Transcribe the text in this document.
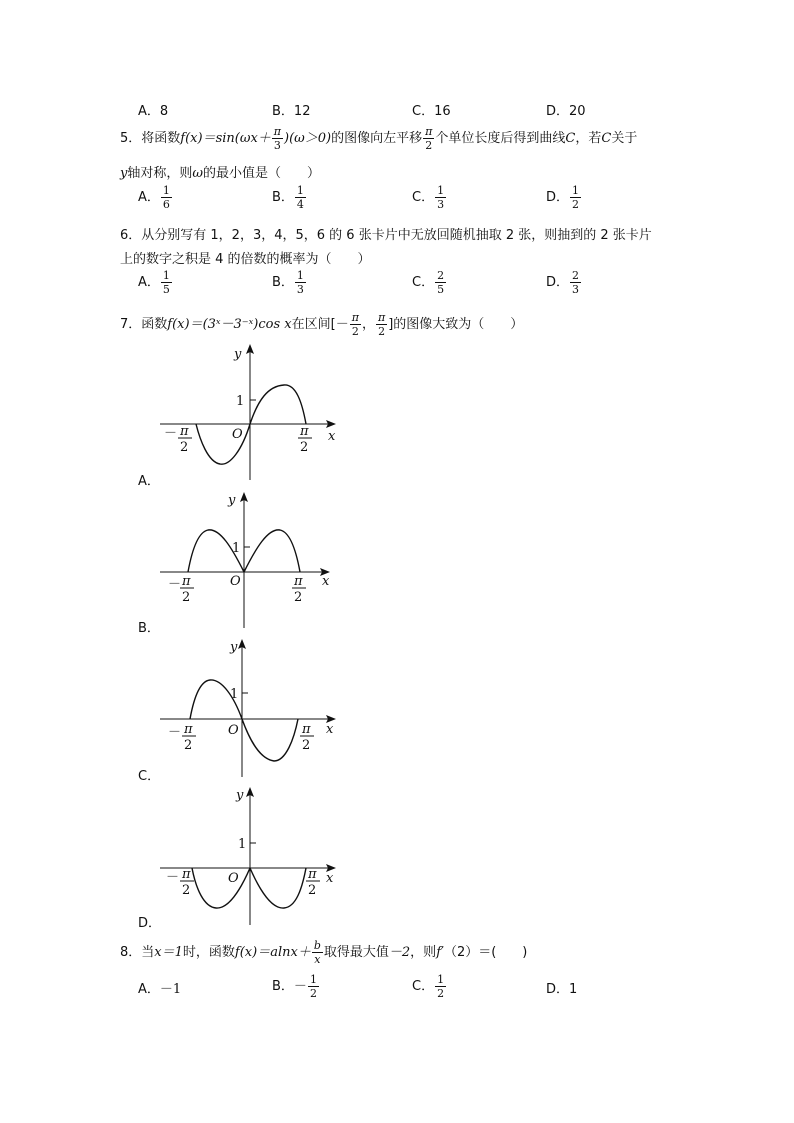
A．8	B．12	C．16	D．20
5．将函数$f(x)=\sin(\omega x+ \frac{\pi}{3} )(\omega>0)$的图像向左平移 $\frac{\pi}{2}$ 个单位长度后得到曲线C，若C关于
y轴对称，则ω的最小值是（　　）
A． $\frac{1}{6}$	B． $\frac{1}{4}$	C． $\frac{1}{3}$	D． $\frac{1}{2}$
6．从分别写有 1，2，3，4，5，6 的 6 张卡片中无放回随机抽取 2 张，则抽到的 2 张卡片
上的数字之积是 4 的倍数的概率为（　　）
A． $\frac{1}{5}$	B． $\frac{1}{3}$	C． $\frac{2}{5}$	D． $\frac{2}{3}$
7．函数f(x)＝(3ˣ－3⁻ˣ)cos x在区间[－ $\frac{\pi}{2}$ ， $\frac{\pi}{2}$ ]的图像大致为（　　）
y
x
O
1
－ π
2
π
2
A．
y
x
O
1
－ π
2
π
2
B．
y
x
O
1
－ π
2
π
2
C．
y
x
O
1
－ π
2
π
2
D．
8．当x＝1时，函数$f(x)=alnx+ \frac{b}{x}$ 取得最大值－2，则f′（2）＝(　　)
A．－1	B．－ $\frac{1}{2}$	C． $\frac{1}{2}$	D．1
